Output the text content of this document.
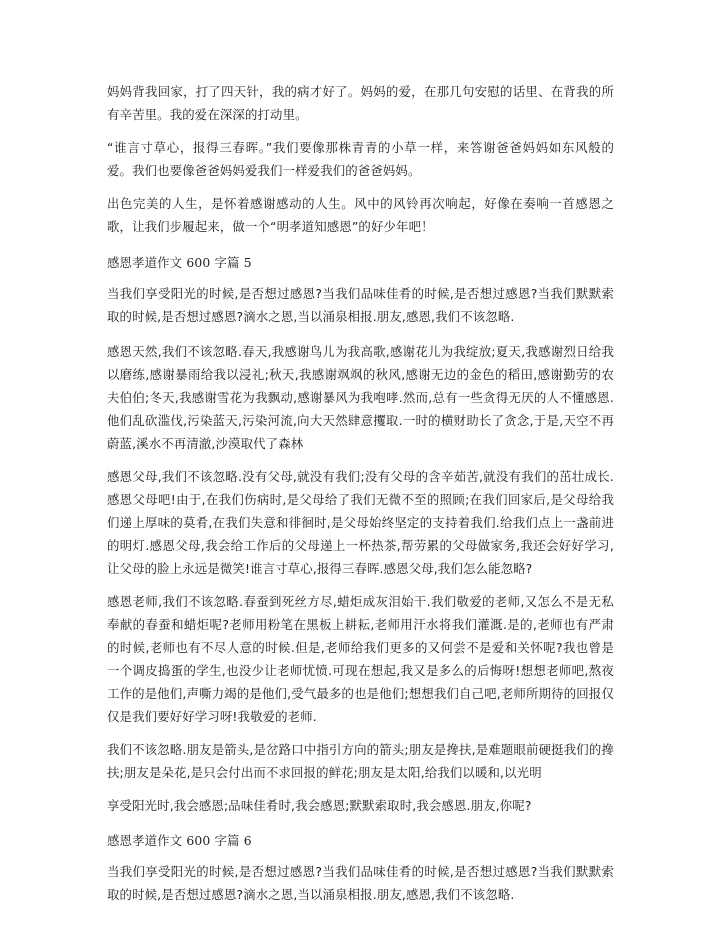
妈妈背我回家，打了四天针，我的病才好了。妈妈的爱，在那几句安慰的话里、在背我的所有辛苦里。我的爱在深深的打动里。

“谁言寸草心，报得三春晖。”我们要像那株青青的小草一样，来答谢爸爸妈妈如东风般的爱。我们也要像爸爸妈妈爱我们一样爱我们的爸爸妈妈。

出色完美的人生，是怀着感谢感动的人生。风中的风铃再次响起，好像在奏响一首感恩之歌，让我们步履起来，做一个“明孝道知感恩”的好少年吧！

感恩孝道作文 600 字篇 5

当我们享受阳光的时候,是否想过感恩?当我们品味佳肴的时候,是否想过感恩?当我们默默索取的时候,是否想过感恩?滴水之恩,当以涌泉相报.朋友,感恩,我们不该忽略.

感恩天然,我们不该忽略.春天,我感谢鸟儿为我高歌,感谢花儿为我绽放;夏天,我感谢烈日给我以磨练,感谢暴雨给我以浸礼;秋天,我感谢飒飒的秋风,感谢无边的金色的稻田,感谢勤劳的农夫伯伯;冬天,我感谢雪花为我飘动,感谢暴风为我咆哮.然而,总有一些贪得无厌的人不懂感恩.他们乱砍滥伐,污染蓝天,污染河流,向大天然肆意攫取.一时的横财助长了贪念,于是,天空不再蔚蓝,溪水不再清澈,沙漠取代了森林

感恩父母,我们不该忽略.没有父母,就没有我们;没有父母的含辛茹苦,就没有我们的茁壮成长.感恩父母吧!由于,在我们伤病时,是父母给了我们无微不至的照顾;在我们回家后,是父母给我们递上厚味的莫肴,在我们失意和徘徊时,是父母始终坚定的支持着我们.给我们点上一盏前进的明灯.感恩父母,我会给工作后的父母递上一杯热茶,帮劳累的父母做家务,我还会好好学习,让父母的脸上永远是微笑!谁言寸草心,报得三春晖.感恩父母,我们怎么能忽略?

感恩老师,我们不该忽略.春蚕到死丝方尽,蜡炬成灰泪始干.我们敬爱的老师,又怎么不是无私奉献的春蚕和蜡炬呢?老师用粉笔在黑板上耕耘,老师用汗水将我们灌溉.是的,老师也有严肃的时候,老师也有不尽人意的时候.但是,老师给我们更多的又何尝不是爱和关怀呢?我也曾是一个调皮捣蛋的学生,也没少让老师忧愤.可现在想起,我又是多么的后悔呀!想想老师吧,熬夜工作的是他们,声嘶力竭的是他们,受气最多的也是他们;想想我们自己吧,老师所期待的回报仅仅是我们要好好学习呀!我敬爱的老师.

我们不该忽略.朋友是箭头,是岔路口中指引方向的箭头;朋友是搀扶,是难题眼前硬挺我们的搀扶;朋友是朵花,是只会付出而不求回报的鲜花;朋友是太阳,给我们以暖和,以光明

享受阳光时,我会感恩;品味佳肴时,我会感恩;默默索取时,我会感恩.朋友,你呢?

感恩孝道作文 600 字篇 6

当我们享受阳光的时候,是否想过感恩?当我们品味佳肴的时候,是否想过感恩?当我们默默索取的时候,是否想过感恩?滴水之恩,当以涌泉相报.朋友,感恩,我们不该忽略.
